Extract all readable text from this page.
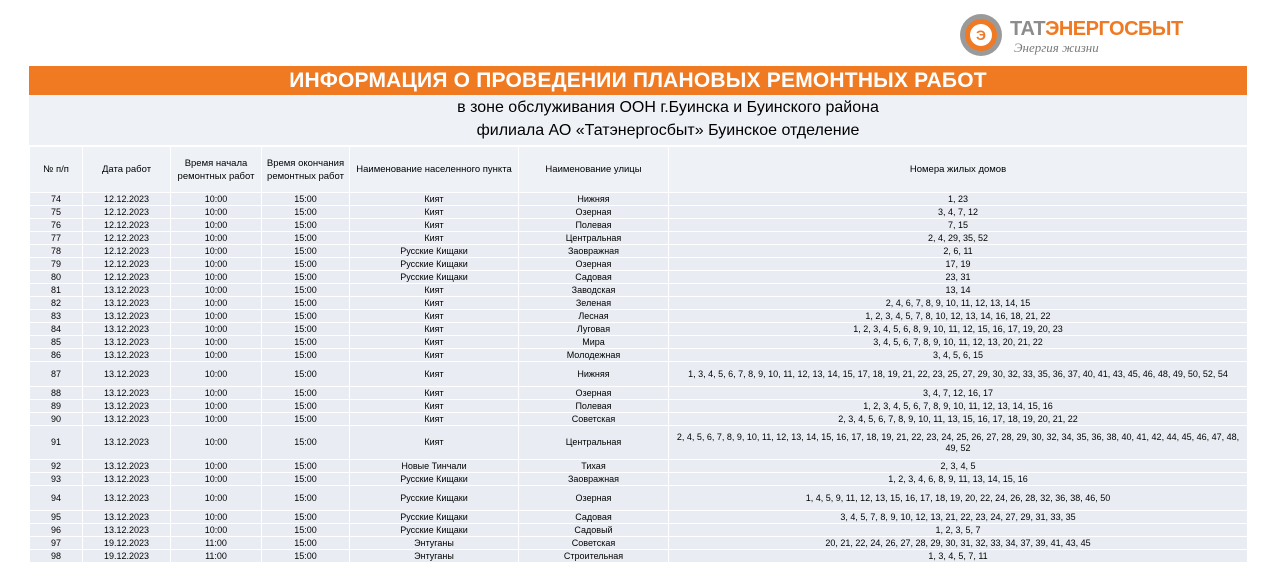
Э ТАТЭНЕРГОСБЫТ
Энергия жизни
ИНФОРМАЦИЯ О ПРОВЕДЕНИИ ПЛАНОВЫХ РЕМОНТНЫХ РАБОТ
в зоне обслуживания ООН г.Буинска и Буинского района
филиала АО «Татэнергосбыт» Буинское отделение
№ п/п	Дата работ	Время начала ремонтных работ	Время окончания ремонтных работ	Наименование населенного пункта	Наименование улицы	Номера жилых домов
74	12.12.2023	10:00	15:00	Кият	Нижняя	1, 23
75	12.12.2023	10:00	15:00	Кият	Озерная	3, 4, 7, 12
76	12.12.2023	10:00	15:00	Кият	Полевая	7, 15
77	12.12.2023	10:00	15:00	Кият	Центральная	2, 4, 29, 35, 52
78	12.12.2023	10:00	15:00	Русские Кищаки	Заовражная	2, 6, 11
79	12.12.2023	10:00	15:00	Русские Кищаки	Озерная	17, 19
80	12.12.2023	10:00	15:00	Русские Кищаки	Садовая	23, 31
81	13.12.2023	10:00	15:00	Кият	Заводская	13, 14
82	13.12.2023	10:00	15:00	Кият	Зеленая	2, 4, 6, 7, 8, 9, 10, 11, 12, 13, 14, 15
83	13.12.2023	10:00	15:00	Кият	Лесная	1, 2, 3, 4, 5, 7, 8, 10, 12, 13, 14, 16, 18, 21, 22
84	13.12.2023	10:00	15:00	Кият	Луговая	1, 2, 3, 4, 5, 6, 8, 9, 10, 11, 12, 15, 16, 17, 19, 20, 23
85	13.12.2023	10:00	15:00	Кият	Мира	3, 4, 5, 6, 7, 8, 9, 10, 11, 12, 13, 20, 21, 22
86	13.12.2023	10:00	15:00	Кият	Молодежная	3, 4, 5, 6, 15
87	13.12.2023	10:00	15:00	Кият	Нижняя	1, 3, 4, 5, 6, 7, 8, 9, 10, 11, 12, 13, 14, 15, 17, 18, 19, 21, 22, 23, 25, 27, 29, 30, 32, 33, 35, 36, 37, 40, 41, 43, 45, 46, 48, 49, 50, 52, 54
88	13.12.2023	10:00	15:00	Кият	Озерная	3, 4, 7, 12, 16, 17
89	13.12.2023	10:00	15:00	Кият	Полевая	1, 2, 3, 4, 5, 6, 7, 8, 9, 10, 11, 12, 13, 14, 15, 16
90	13.12.2023	10:00	15:00	Кият	Советская	2, 3, 4, 5, 6, 7, 8, 9, 10, 11, 13, 15, 16, 17, 18, 19, 20, 21, 22
91	13.12.2023	10:00	15:00	Кият	Центральная	2, 4, 5, 6, 7, 8, 9, 10, 11, 12, 13, 14, 15, 16, 17, 18, 19, 21, 22, 23, 24, 25, 26, 27, 28, 29, 30, 32, 34, 35, 36, 38, 40, 41, 42, 44, 45, 46, 47, 48, 49, 52
92	13.12.2023	10:00	15:00	Новые Тинчали	Тихая	2, 3, 4, 5
93	13.12.2023	10:00	15:00	Русские Кищаки	Заовражная	1, 2, 3, 4, 6, 8, 9, 11, 13, 14, 15, 16
94	13.12.2023	10:00	15:00	Русские Кищаки	Озерная	1, 4, 5, 9, 11, 12, 13, 15, 16, 17, 18, 19, 20, 22, 24, 26, 28, 32, 36, 38, 46, 50
95	13.12.2023	10:00	15:00	Русские Кищаки	Садовая	3, 4, 5, 7, 8, 9, 10, 12, 13, 21, 22, 23, 24, 27, 29, 31, 33, 35
96	13.12.2023	10:00	15:00	Русские Кищаки	Садовый	1, 2, 3, 5, 7
97	19.12.2023	11:00	15:00	Энтуганы	Советская	20, 21, 22, 24, 26, 27, 28, 29, 30, 31, 32, 33, 34, 37, 39, 41, 43, 45
98	19.12.2023	11:00	15:00	Энтуганы	Строительная	1, 3, 4, 5, 7, 11
